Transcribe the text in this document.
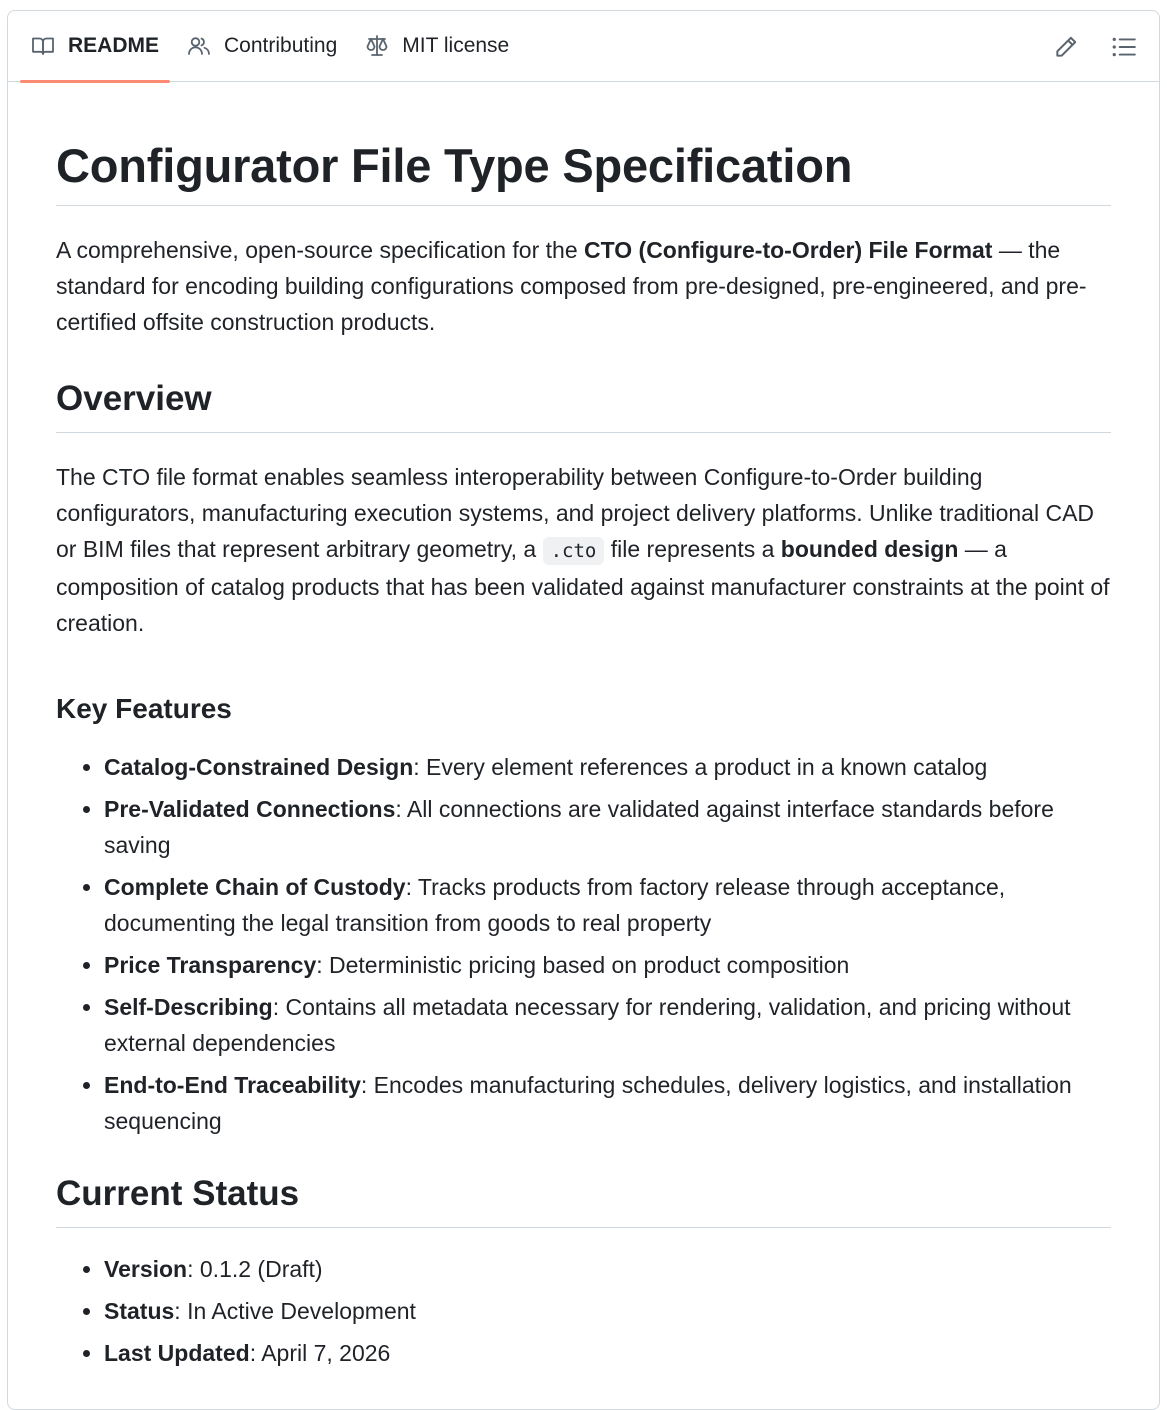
README	Contributing	MIT license
Configurator File Type Specification

A comprehensive, open-source specification for the CTO (Configure-to-Order) File Format — the standard for encoding building configurations composed from pre-designed, pre-engineered, and pre-certified offsite construction products.

Overview

The CTO file format enables seamless interoperability between Configure-to-Order building configurators, manufacturing execution systems, and project delivery platforms. Unlike traditional CAD or BIM files that represent arbitrary geometry, a .cto file represents a bounded design — a composition of catalog products that has been validated against manufacturer constraints at the point of creation.

Key Features
• Catalog-Constrained Design: Every element references a product in a known catalog
• Pre-Validated Connections: All connections are validated against interface standards before saving
• Complete Chain of Custody: Tracks products from factory release through acceptance, documenting the legal transition from goods to real property
• Price Transparency: Deterministic pricing based on product composition
• Self-Describing: Contains all metadata necessary for rendering, validation, and pricing without external dependencies
• End-to-End Traceability: Encodes manufacturing schedules, delivery logistics, and installation sequencing
Current Status
• Version: 0.1.2 (Draft)
• Status: In Active Development
• Last Updated: April 7, 2026
